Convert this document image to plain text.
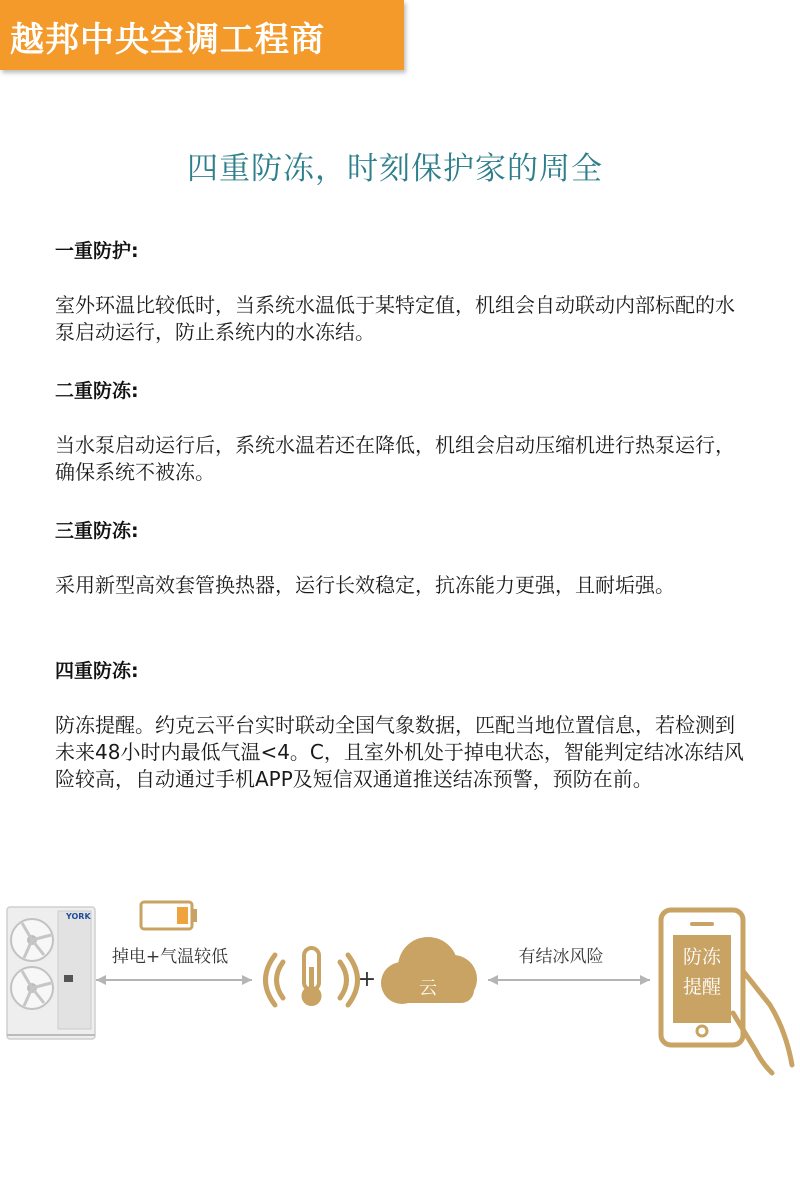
越邦中央空调工程商
四重防冻，时刻保护家的周全
一重防护:
室外环温比较低时，当系统水温低于某特定值，机组会自动联动内部标配的水泵启动运行，防止系统内的水冻结。
二重防冻:
当水泵启动运行后，系统水温若还在降低，机组会启动压缩机进行热泵运行，确保系统不被冻。
三重防冻:
采用新型高效套管换热器，运行长效稳定，抗冻能力更强，且耐垢强。
四重防冻:
防冻提醒。约克云平台实时联动全国气象数据，匹配当地位置信息，若检测到未来48小时内最低气温<4。C，且室外机处于掉电状态，智能判定结冰冻结风险较高，自动通过手机APP及短信双通道推送结冻预警，预防在前。
YORK
掉电+气温较低
+ 云
有结冰风险	防冻
提醒
